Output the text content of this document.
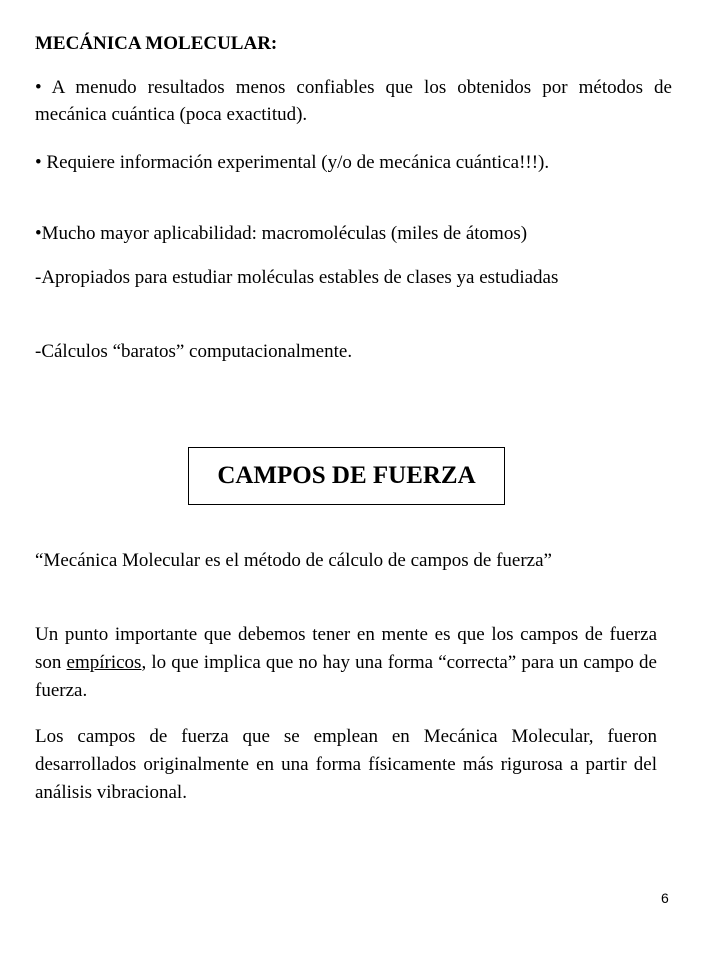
MECÁNICA MOLECULAR:

• A menudo resultados menos confiables que los obtenidos por métodos de mecánica cuántica (poca exactitud).

• Requiere información experimental (y/o de mecánica cuántica!!!).

•Mucho mayor aplicabilidad: macromoléculas (miles de átomos)

-Apropiados para estudiar moléculas estables de clases ya estudiadas

-Cálculos “baratos” computacionalmente.

CAMPOS DE FUERZA

“Mecánica Molecular es el método de cálculo de campos de fuerza”

Un punto importante que debemos tener en mente es que los campos de fuerza son empíricos, lo que implica que no hay una forma “correcta” para un campo de fuerza.

Los campos de fuerza que se emplean en Mecánica Molecular, fueron desarrollados originalmente en una forma físicamente más rigurosa a partir del análisis vibracional.

6
